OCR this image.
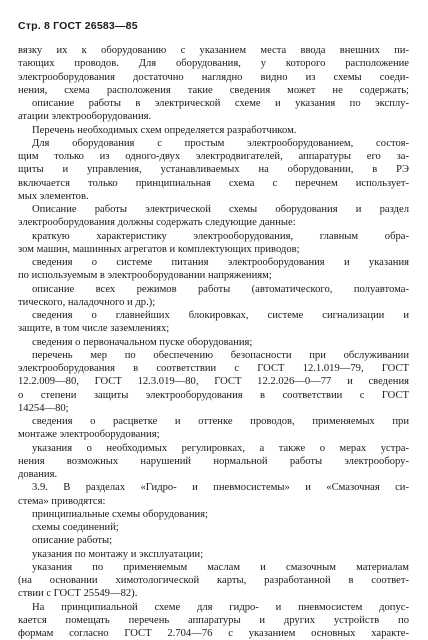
Стр. 8 ГОСТ 26583—85
вязку их к оборудованию с указанием места ввода внешних пи-
тающих проводов. Для оборудования, у которого расположение
электрооборудования достаточно наглядно видно из схемы соеди-
нения, схема расположения такие сведения может не содержать;
описание работы в электрической схеме и указания по эксплу-
атации электрооборудования.
Перечень необходимых схем определяется разработчиком.
Для оборудования с простым электрооборудованием, состоя-
щим только из одного-двух электродвигателей, аппаратуры его за-
щиты и управления, устанавливаемых на оборудовании, в РЭ
включается только принципиальная схема с перечнем использует-
мых элементов.
Описание работы электрической схемы оборудования и раздел
электрооборудования должны содержать следующие данные:
краткую характеристику электрооборудования, главным обра-
зом машин, машинных агрегатов и комплектующих приводов;
сведения о системе питания электрооборудования и указания
по используемым в электрооборудовании напряжениям;
описание всех режимов работы (автоматического, полуавтома-
тического, наладочного и др.);
сведения о главнейших блокировках, системе сигнализации и
защите, в том числе заземлениях;
сведения о первоначальном пуске оборудования;
перечень мер по обеспечению безопасности при обслуживании
электрооборудования в соответствии с ГОСТ 12.1.019—79, ГОСТ
12.2.009—80, ГОСТ 12.3.019—80, ГОСТ 12.2.026—0—77 и сведения
о степени защиты электрооборудования в соответствии с ГОСТ
14254—80;
сведения о расцветке и оттенке проводов, применяемых при
монтаже электрооборудования;
указания о необходимых регулировках, а также о мерах устра-
нения возможных нарушений нормальной работы электрообору-
дования.
3.9. В разделах «Гидро- и пневмосистемы» и «Смазочная си-
стема» приводятся:
принципиальные схемы оборудования;
схемы соединений;
описание работы;
указания по монтажу и эксплуатации;
указания по применяемым маслам и смазочным материалам
(на основании химотологической карты, разработанной в соответ-
ствии с ГОСТ 25549—82).
На принципиальной схеме для гидро- и пневмосистем допус-
кается помещать перечень аппаратуры и других устройств по
формам согласно ГОСТ 2.704—76 с указанием основных характе-
